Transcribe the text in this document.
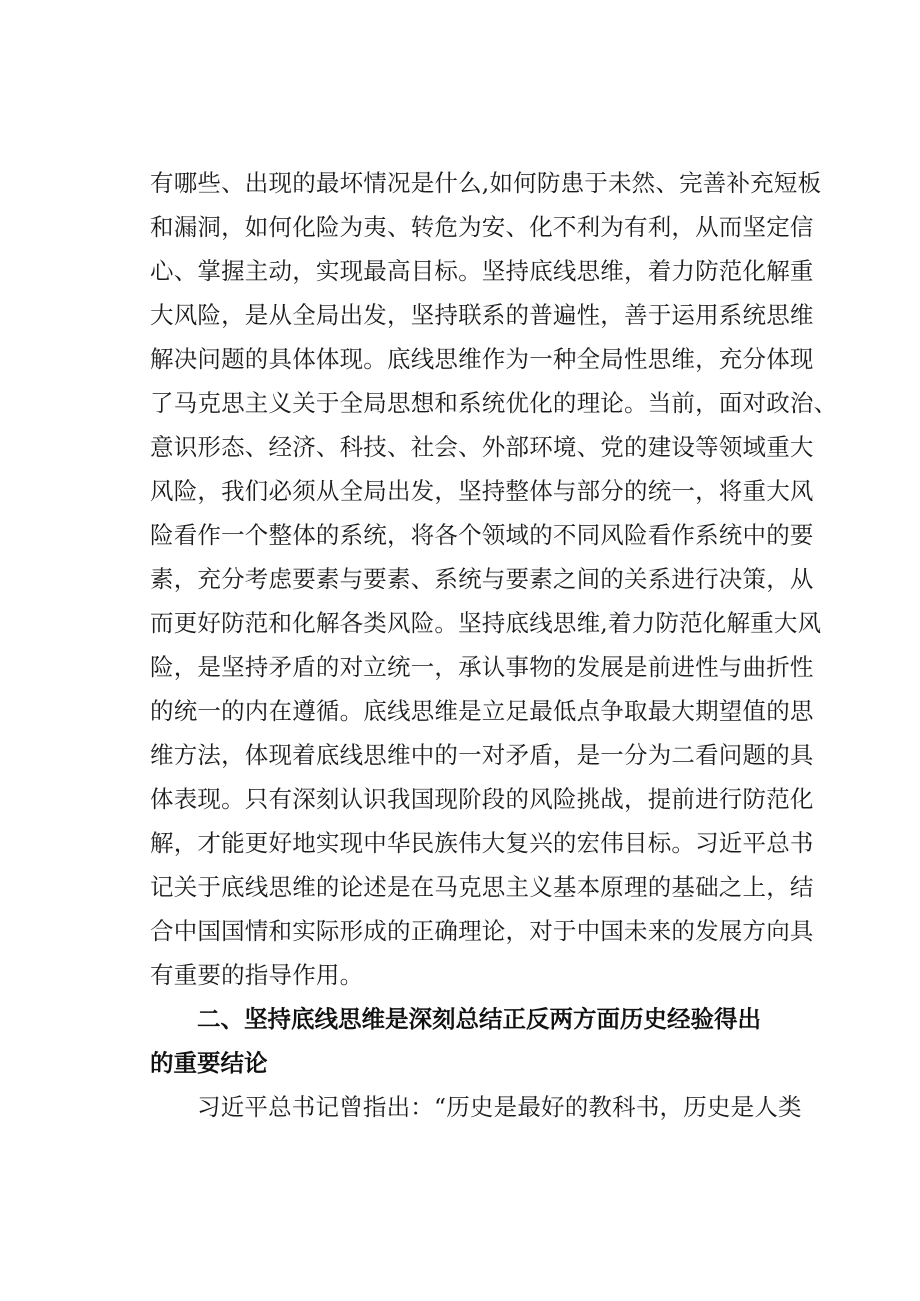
有哪些、出现的最坏情况是什么,如何防患于未然、完善补充短板
和漏洞，如何化险为夷、转危为安、化不利为有利，从而坚定信
心、掌握主动，实现最高目标。坚持底线思维，着力防范化解重
大风险，是从全局出发，坚持联系的普遍性，善于运用系统思维
解决问题的具体体现。底线思维作为一种全局性思维，充分体现
了马克思主义关于全局思想和系统优化的理论。当前，面对政治、
意识形态、经济、科技、社会、外部环境、党的建设等领域重大
风险，我们必须从全局出发，坚持整体与部分的统一，将重大风
险看作一个整体的系统，将各个领域的不同风险看作系统中的要
素，充分考虑要素与要素、系统与要素之间的关系进行决策，从
而更好防范和化解各类风险。坚持底线思维,着力防范化解重大风
险，是坚持矛盾的对立统一，承认事物的发展是前进性与曲折性
的统一的内在遵循。底线思维是立足最低点争取最大期望值的思
维方法，体现着底线思维中的一对矛盾，是一分为二看问题的具
体表现。只有深刻认识我国现阶段的风险挑战，提前进行防范化
解，才能更好地实现中华民族伟大复兴的宏伟目标。习近平总书
记关于底线思维的论述是在马克思主义基本原理的基础之上，结
合中国国情和实际形成的正确理论，对于中国未来的发展方向具
有重要的指导作用。
二、坚持底线思维是深刻总结正反两方面历史经验得出
的重要结论
习近平总书记曾指出：“历史是最好的教科书，历史是人类
